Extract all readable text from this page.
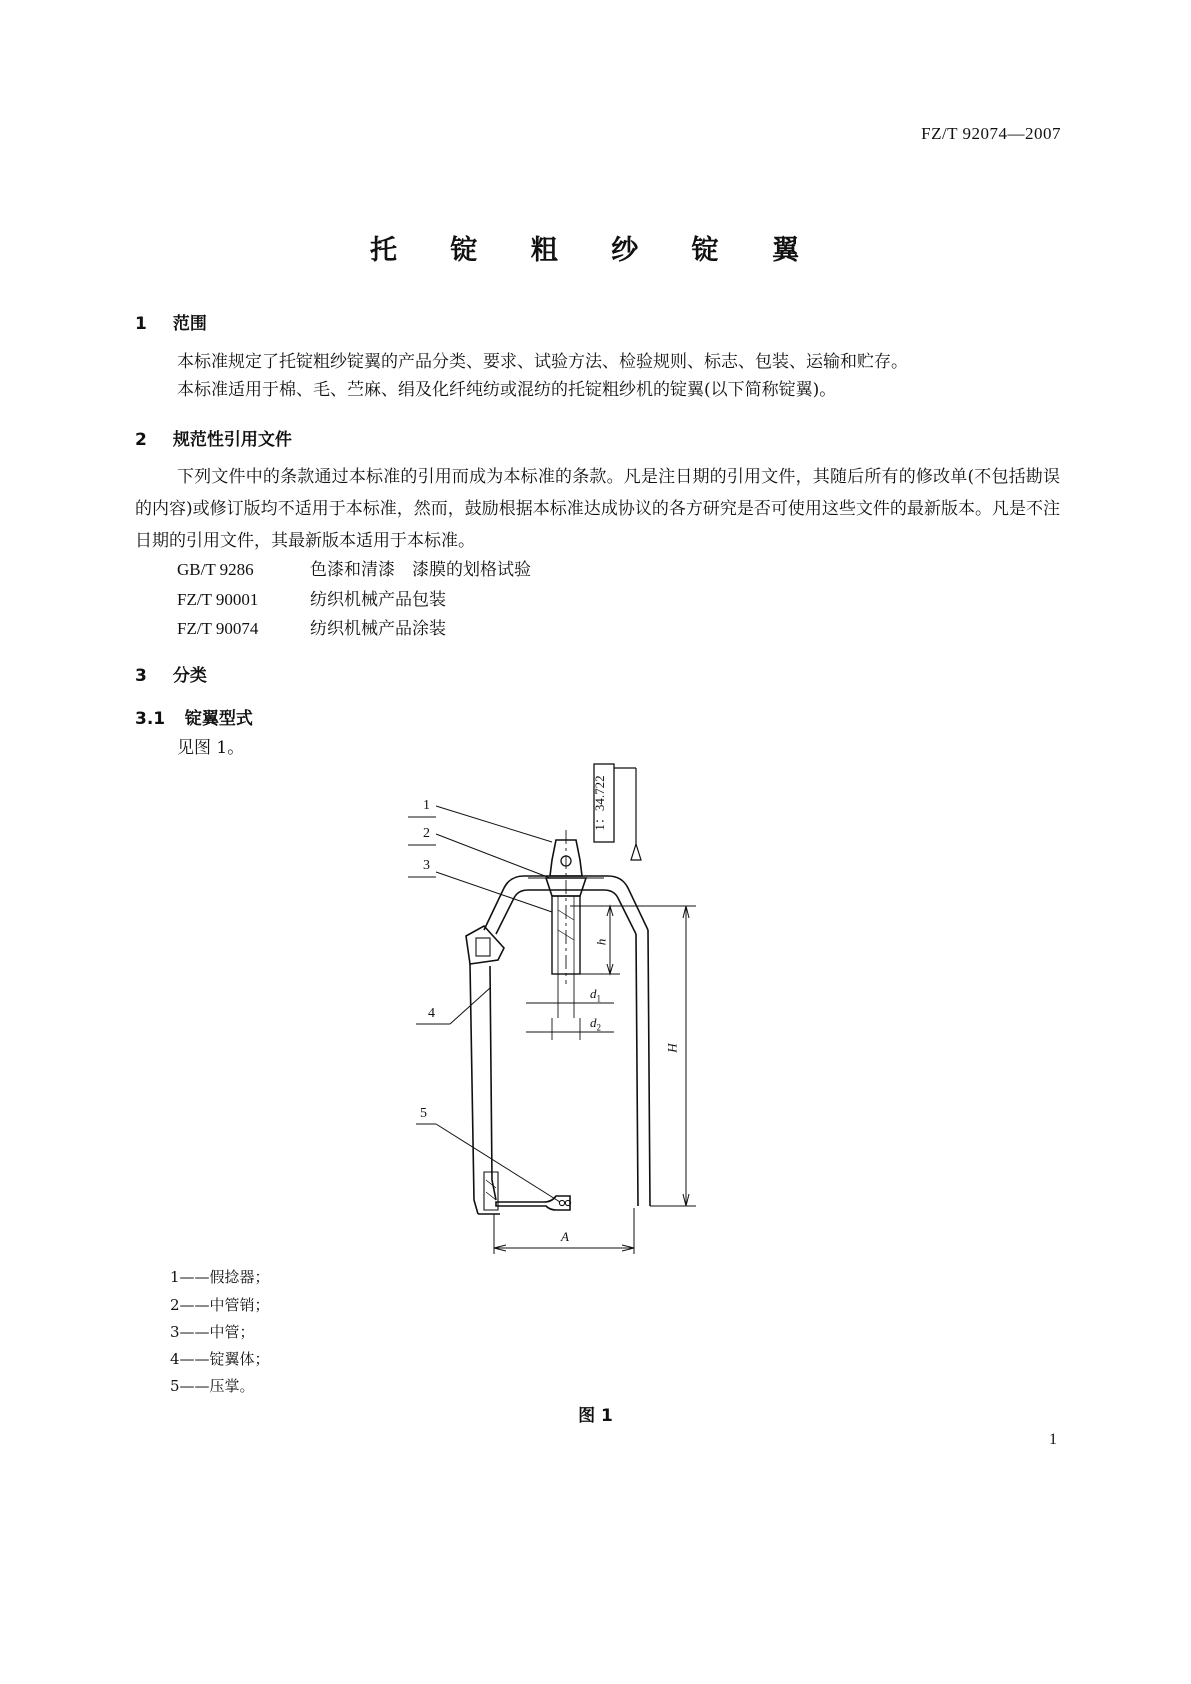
FZ/T 92074—2007
托 锭 粗 纱 锭 翼
1 范围
本标准规定了托锭粗纱锭翼的产品分类、要求、试验方法、检验规则、标志、包装、运输和贮存。
本标准适用于棉、毛、苎麻、绢及化纤纯纺或混纺的托锭粗纱机的锭翼(以下简称锭翼)。
2 规范性引用文件
下列文件中的条款通过本标准的引用而成为本标准的条款。凡是注日期的引用文件，其随后所有的修改单(不包括勘误的内容)或修订版均不适用于本标准，然而，鼓励根据本标准达成协议的各方研究是否可使用这些文件的最新版本。凡是不注日期的引用文件，其最新版本适用于本标准。
GB/T 9286	色漆和清漆　漆膜的划格试验
FZ/T 90001	纺织机械产品包装
FZ/T 90074	纺织机械产品涂装
3 分类
3.1 锭翼型式
见图 1。
1：34.722
1
2
3
4
5
h
H
$d_1$
$d_2$
A
1——假捻器；
2——中管销；
3——中管；
4——锭翼体；
5——压掌。
图 1
1
